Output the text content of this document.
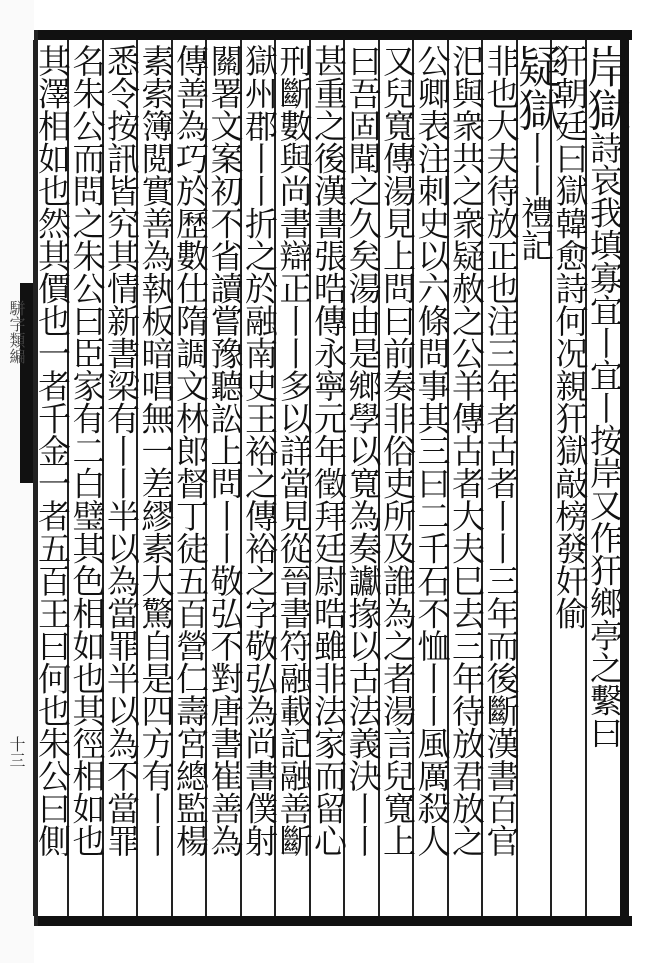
駢字類編
十三
岸獄詩哀我填寡宜丨宜丨按岸又作犴鄉亭之繫曰
犴朝廷曰獄韓愈詩何况親犴獄敲榜發奸偷
疑獄丨丨禮記
非也大夫待放正也注三年者古者丨丨三年而後斷漢書百官
汜與衆共之衆疑赦之公羊傳古者大夫巳去三年待放君放之
公卿表注刺史以六條問事其三曰二千石不恤丨丨風厲殺人
又兒寬傳湯見上問曰前奏非俗吏所及誰為之者湯言兒寬上
曰吾固聞之久矣湯由是鄉學以寬為奏讞掾以古法義決丨丨
甚重之後漢書張晧傳永寧元年徵拜廷尉晧雖非法家而留心
刑斷數與尚書辯正丨丨多以詳當見從晉書符融載記融善斷
獄州郡丨丨折之於融南史王裕之傳裕之字敬弘為尚書僕射
關署文案初不省讀嘗豫聽訟上問丨丨敬弘不對唐書崔善為
傳善為巧於歷數仕隋調文林郎督丁徒五百營仁壽宮總監楊
素索簿閲實善為執板暗唱無一差繆素大驚自是四方有丨丨
悉令按訊皆究其情新書梁有丨丨半以為當罪半以為不當罪
名朱公而問之朱公曰臣家有二白璧其色相如也其徑相如也
其澤相如也然其價也一者千金一者五百王曰何也朱公曰側
